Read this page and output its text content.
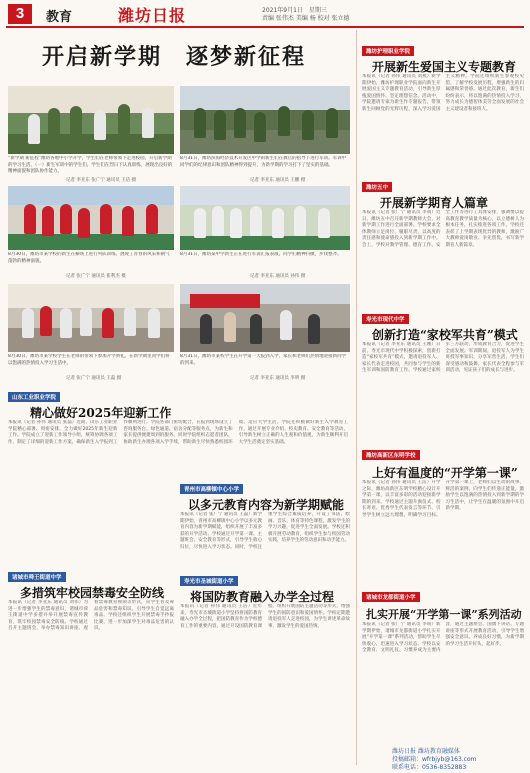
3	教育	潍坊日报	2021年9月1日　星期三
责编 张伟杰 美编 杨 校对 张立德
开启新学期　逐梦新征程
“新学期 新征程”潍坊各地中小学开学，学生们在老师带领下走进校园，开启新学期的学习生活。（一）新生军训中的学生们，学生们在烈日下认真训练，展现出良好的精神面貌和团队协作能力。
记者 李亚东 张广宁 通讯员 王洁 摄
8月31日，潍坊滨海经济技术开发区中学的新生们在教官的指导下进行军训。军训中同学们的纪律意识和团队精神得到提升，为新学期的学习打下了坚实的基础。
记者 李亚东 通讯员 王鹏 摄
8月30日，潍坊市某学校的新生在操场上进行列队训练，展现了青春的风采和朝气蓬勃的精神面貌。
记者 张广宁 通讯员 崔利杰 摄
8月31日，潍坊某中学新生正在进行军训汇报表演，同学们精神抖擞，步伐整齐。
记者 李亚东 通讯员 孙伟 摄
8月30日，潍坊市某学校学生在老师的带领下参加开学典礼，在新学期里同学们将以饱满的热情投入学习生活中。
记者 张广宁 通讯员 王磊 摄
8月31日，潍坊市某校学生在开学第一天报到入学，家长和老师们热情地迎接新同学的到来。
记者 李亚东 通讯员 李明 摄
山东工业职业学院
精心做好2025年迎新工作
本报讯（记者 孙伟 通讯员 张磊）近期，山东工业职业学院精心部署、周密安排，全力做好2025年新生迎新工作。学院成立了迎新工作领导小组，统筹协调各项工作，制定了详细的迎新工作方案，确保新生入学报到工作顺利进行。学院各部门密切配合，在报到现场设立了咨询服务台、绿色通道、宿舍分配等服务点，为新生和家长提供便捷周到的服务。同时学院组织志愿者团队，协助新生办理各项入学手续，帮助新生尽快熟悉校园环境、适应大学生活。学院还积极做好新生入学教育工作，通过开展专业介绍、校史教育、安全教育等活动，引导新生树立正确的人生观和价值观，为新生顺利开启大学生活奠定坚实基础。
青州市高柳镇中心小学
以多元教育内容为新学期赋能
本报讯（记者 张广宁 通讯员 王磊）新学期伊始，青州市高柳镇中心小学以多元教育内容为新学期赋能，组织开展了丰富多彩的开学活动。学校通过开学第一课、主题班会、安全教育等形式，引导学生收心归位，尽快进入学习状态。同时，学校注重学生综合素质培养，开设了书法、绘画、音乐、体育等特色课程，激发学生的学习兴趣，促进学生全面发展。学校还积极开展劳动教育，组织学生参与校园劳动实践，培养学生的劳动意识和动手能力。
诸城市舜王街道中学
多措筑牢校园禁毒安全防线
本报讯（记者 李亚东 通讯员 刘伟）为进一步增强学生的禁毒意识，诸城市舜王街道中学多措并举开展禁毒宣传教育，筑牢校园禁毒安全防线。学校通过召开主题班会、举办禁毒知识讲座、观看禁毒教育视频等形式，向学生普及毒品危害和禁毒知识，引导学生自觉远离毒品。学校还组织学生开展禁毒手抄报比赛，进一步加深学生对毒品危害的认识。
寿光市圣城街道小学
将国防教育融入办学全过程
本报讯（记者 孙伟 通讯员 王洁）近年来，寿光市圣城街道小学坚持将国防教育融入办学全过程，把国防教育作为学校德育工作的重要内容，通过开设国防教育课程、组织开展国防主题活动等形式，增强学生的国防意识和爱国情怀。学校定期邀请退役军人走进校园，为学生讲述革命故事，激发学生的爱国热情。
潍坊护理职业学院
开展新生爱国主义专题教育
本报讯（记者 孙伟 通讯员 刘燕）新学期伊始，潍坊护理职业学院面向新生开展爱国主义专题教育活动，引导新生厚植爱国情怀、坚定理想信念。活动中，学院邀请专家为新生作专题报告，带领新生回顾党的光辉历程，深入学习爱国主义精神。学院还组织新生参观校史馆，了解学校发展历程，增强新生的归属感和荣誉感。通过此次教育，新生们纷纷表示，将以饱满的热情投入学习，努力成长为德智体美劳全面发展的社会主义建设者和接班人。
潍坊五中
开展新学期育人篇章
本报讯（记者 张广宁 通讯员 李萌）近日，潍坊五中召开新学期教师大会，对新学期工作进行全面部署。学校要求全体教师立足岗位、履职尽责，以高度的责任感和使命感投入到新学期工作中。会上，学校对教学管理、德育工作、安全工作等进行了具体安排，强调要以提高教育教学质量为核心，以立德树人为根本任务，扎实推进各项工作。学校还表彰了上学期表现优异的教师，激励广大教师爱岗敬业、争先创优，书写新学期育人新篇章。
寿光市现代中学
创新打造“家校军共育”模式
本报讯（记者 李亚东 通讯员 王刚）日前，寿光市现代中学积极探索，创新打造“家校军共育”模式，邀请退役军人、家长代表走进校园，共同参与学生的新生军训和国防教育工作。学校通过家校军三方联动，形成教育合力，促进学生全面发展。军训期间，退役军人为学生讲授军事知识，分享军营生活，学生们深受感动和鼓舞。家长代表全程参与军训活动，见证孩子们的成长与进步。
潍坊高新区东明学校
上好有温度的“开学第一课”
本报讯（记者 孙伟 通讯员 王洁）开学之际，潍坊高新区东明学校精心设计开学第一课，以丰富多彩的活动迎接新学期的到来。学校通过主题升旗仪式、校长寄语、优秀学生代表发言等环节，引导学生树立远大理想，明确学习目标。开学第一课上，老师们以生动的故事、鲜活的案例，向学生们传递正能量，激励学生以饱满的热情投入到新学期的学习生活中，让学生在温暖的氛围中开启新学期。
诸城市龙都街道小学
扎实开展“开学第一课”系列活动
本报讯（记者 张广宁 通讯员 李萌）新学期伊始，诸城市龙都街道小学扎实开展“开学第一课”系列活动，帮助学生尽快收心、迅速进入学习状态。学校以安全教育、文明礼仪、习惯养成为主要内容，通过主题班会、国旗下讲话、专题讲座等形式开展教育活动，引导学生增强安全意识、养成良好习惯，为新学期的学习生活开好头、起好步。
潍坊日报 潍坊教育融媒体
投稿邮箱：wfrbjyb@163.com
联系电话：0536-8352883
